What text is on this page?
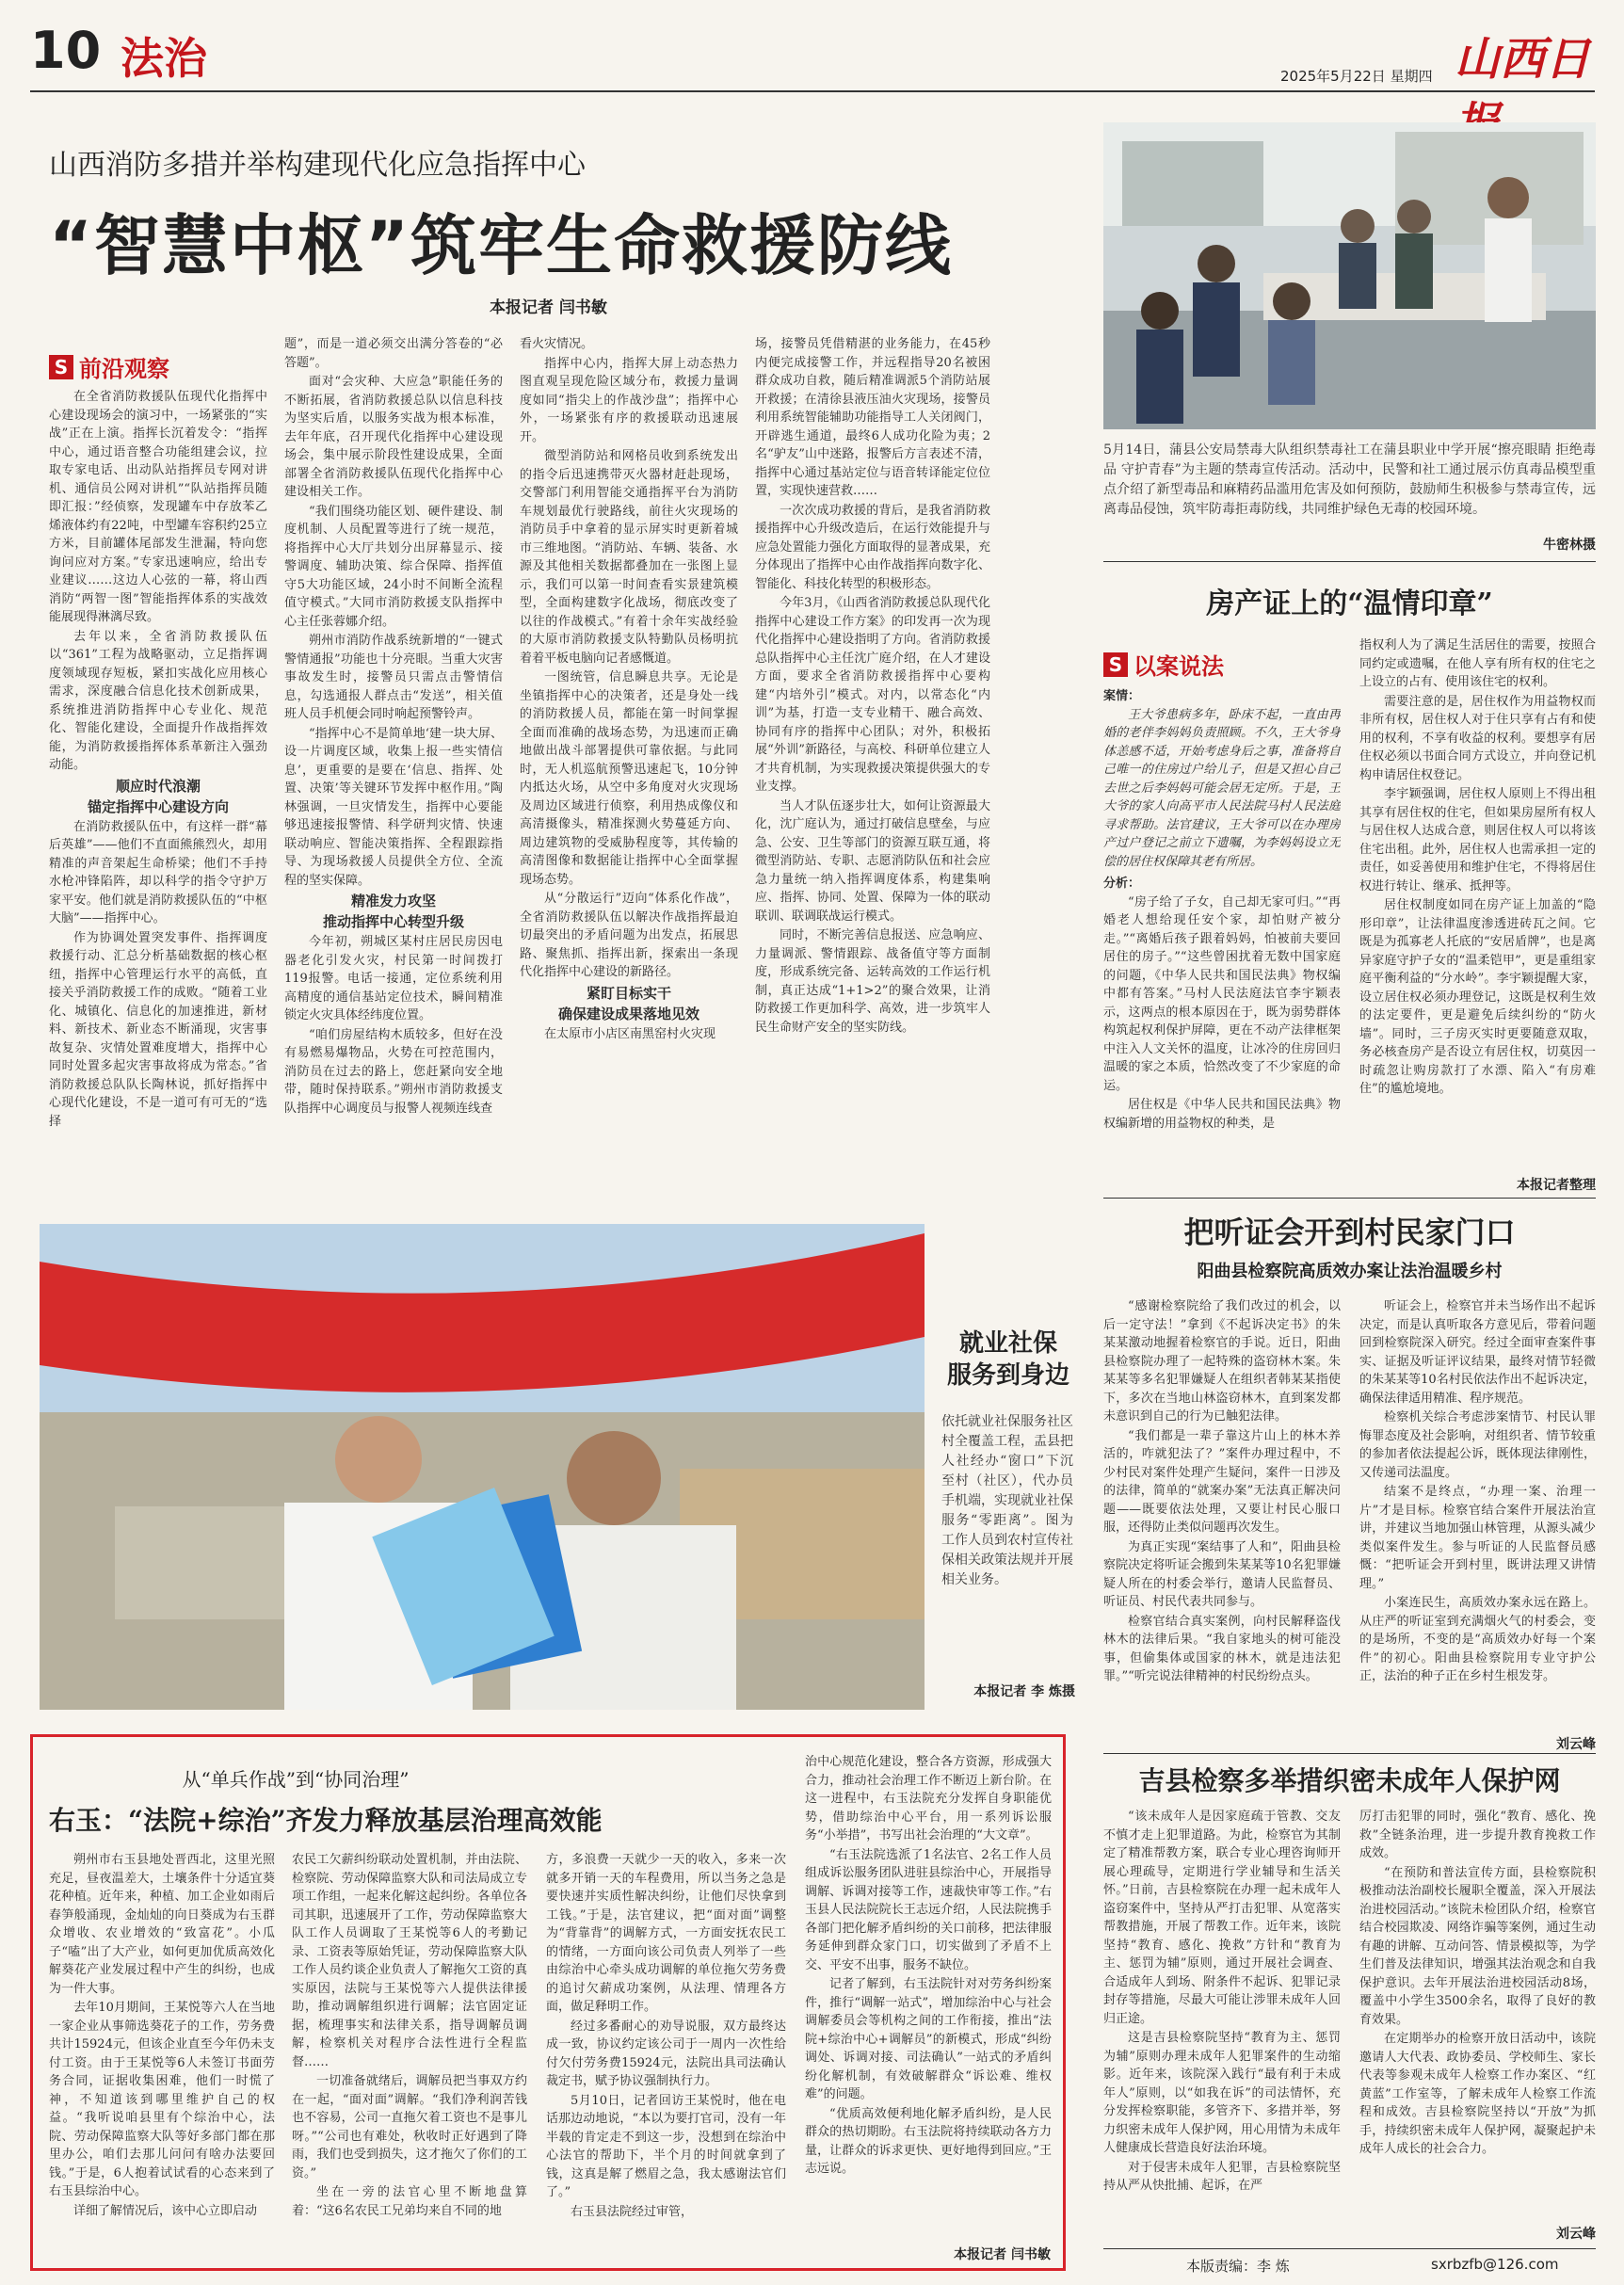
10 法治	2025年5月22日 星期四 山西日
山西消防多措并举构建现代化应急指挥中心
“智慧中枢”筑牢生命救援防线
本报记者 闫书敏
S 前沿观察

在全省消防救援队伍现代化指挥中心建设现场会的演习中，一场紧张的“实战”正在上演。指挥长沉着发令：“指挥中心，通过语音整合功能组建会议，拉取专家电话、出动队站指挥员专网对讲机、通信员公网对讲机”“队站指挥员随即汇报：”经侦察，发现罐车中存放苯乙烯液体约有22吨，中型罐车容积约25立方米，目前罐体尾部发生泄漏，特向您询问应对方案。”专家迅速响应，给出专业建议……这边人心弦的一幕，将山西消防“两智一图”智能指挥体系的实战效能展现得淋漓尽致。

去年以来，全省消防救援队伍以“361”工程为战略驱动，立足指挥调度领域现存短板，紧扣实战化应用核心需求，深度融合信息化技术创新成果，系统推进消防指挥中心专业化、规范化、智能化建设，全面提升作战指挥效能，为消防救援指挥体系革新注入强劲动能。

顺应时代浪潮
锚定指挥中心建设方向

在消防救援队伍中，有这样一群“幕后英雄”——他们不直面熊熊烈火，却用精准的声音架起生命桥梁；他们不手持水枪冲锋陷阵，却以科学的指令守护万家平安。他们就是消防救援队伍的“中枢大脑”——指挥中心。

作为协调处置突发事件、指挥调度救援行动、汇总分析基础数据的核心枢纽，指挥中心管理运行水平的高低，直接关乎消防救援工作的成败。“随着工业化、城镇化、信息化的加速推进，新材料、新技术、新业态不断涌现，灾害事故复杂、灾情处置难度增大，指挥中心同时处置多起灾害事故将成为常态。”省消防救援总队队长陶林说，抓好指挥中心现代化建设，不是一道可有可无的“选择

题”，而是一道必须交出满分答卷的“必答题”。

面对“会灾种、大应急”职能任务的不断拓展，省消防救援总队以信息科技为坚实后盾，以服务实战为根本标准，去年年底，召开现代化指挥中心建设现场会，集中展示阶段性建设成果，全面部署全省消防救援队伍现代化指挥中心建设相关工作。

“我们围绕功能区划、硬件建设、制度机制、人员配置等进行了统一规范，将指挥中心大厅共划分出屏幕显示、接警调度、辅助决策、综合保障、指挥值守5大功能区域，24小时不间断全流程值守模式。”大同市消防救援支队指挥中心主任张蓉娜介绍。

朔州市消防作战系统新增的“一键式警情通报”功能也十分亮眼。当重大灾害事故发生时，接警员只需点击警情信息，勾选通报人群点击“发送”，相关值班人员手机便会同时响起预警铃声。

“指挥中心不是简单地‘建一块大屏、设一片调度区域，收集上报一些实情信息’，更重要的是要在‘信息、指挥、处置、决策’等关键环节发挥中枢作用。”陶林强调，一旦灾情发生，指挥中心要能够迅速接报警情、科学研判灾情、快速联动响应、智能决策指挥、全程跟踪指导、为现场救援人员提供全方位、全流程的坚实保障。

精准发力攻坚
推动指挥中心转型升级

今年初，朔城区某村庄居民房因电器老化引发火灾，村民第一时间拨打119报警。电话一接通，定位系统利用高精度的通信基站定位技术，瞬间精准锁定火灾具体经纬度位置。

“咱们房屋结构木质较多，但好在没有易燃易爆物品，火势在可控范围内，消防员在过去的路上，您赶紧向安全地带，随时保持联系。”朔州市消防救援支队指挥中心调度员与报警人视频连线查

看火灾情况。

指挥中心内，指挥大屏上动态热力图直观呈现危险区域分布，救援力量调度如同“指尖上的作战沙盘”；指挥中心外，一场紧张有序的救援联动迅速展开。

微型消防站和网格员收到系统发出的指令后迅速携带灭火器材赶赴现场，交警部门利用智能交通指挥平台为消防车规划最优行驶路线，前往火灾现场的消防员手中拿着的显示屏实时更新着城市三维地图。“消防站、车辆、装备、水源及其他相关数据都叠加在一张图上显示，我们可以第一时间查看实景建筑模型，全面构建数字化战场，彻底改变了以往的作战模式。”有着十余年实战经验的大原市消防救援支队特勤队员杨明抗着着平板电脑向记者感慨道。

一图统管，信息瞬息共享。无论是坐镇指挥中心的决策者，还是身处一线的消防救援人员，都能在第一时间掌握全面而准确的战场态势，为迅速而正确地做出战斗部署提供可靠依据。与此同时，无人机巡航预警迅速起飞，10分钟内抵达火场，从空中多角度对火灾现场及周边区域进行侦察，利用热成像仪和高清摄像头，精准探测火势蔓延方向、周边建筑物的受威胁程度等，其传输的高清图像和数据能让指挥中心全面掌握现场态势。

从“分散运行”迈向“体系化作战”，全省消防救援队伍以解决作战指挥最迫切最突出的矛盾问题为出发点，拓展思路、聚焦抓、指挥出新，探索出一条现代化指挥中心建设的新路径。

紧盯目标实干
确保建设成果落地见效

在太原市小店区南黑窑村火灾现

场，接警员凭借精湛的业务能力，在45秒内便完成接警工作，并远程指导20名被困群众成功自救，随后精准调派5个消防站展开救援；在清徐县液压油火灾现场，接警员利用系统智能辅助功能指导工人关闭阀门，开辟逃生通道，最终6人成功化险为夷；2名“驴友”山中迷路，报警后方言表述不清，指挥中心通过基站定位与语音转译能定位位置，实现快速营救……

一次次成功救援的背后，是我省消防救援指挥中心升级改造后，在运行效能提升与应急处置能力强化方面取得的显著成果，充分体现出了指挥中心由作战指挥向数字化、智能化、科技化转型的积极形态。

今年3月，《山西省消防救援总队现代化指挥中心建设工作方案》的印发再一次为现代化指挥中心建设指明了方向。省消防救援总队指挥中心主任沈广庭介绍，在人才建设方面，要求全省消防救援指挥中心要构建“内培外引”模式。对内，以常态化“内训”为基，打造一支专业精干、融合高效、协同有序的指挥中心团队；对外，积极拓展“外训”新路径，与高校、科研单位建立人才共育机制，为实现救援决策提供强大的专业支撑。

当人才队伍逐步壮大，如何让资源最大化，沈广庭认为，通过打破信息壁垒，与应急、公安、卫生等部门的资源互联互通，将微型消防站、专职、志愿消防队伍和社会应急力量统一纳入指挥调度体系，构建集响应、指挥、协同、处置、保障为一体的联动联训、联调联战运行模式。

同时，不断完善信息报送、应急响应、力量调派、警情跟踪、战备值守等方面制度，形成系统完备、运转高效的工作运行机制，真正达成“1+1>2”的聚合效果，让消防救援工作更加科学、高效，进一步筑牢人民生命财产安全的坚实防线。

5月14日，蒲县公安局禁毒大队组织禁毒社工在蒲县职业中学开展“擦亮眼睛 拒绝毒品 守护青春”为主题的禁毒宣传活动。活动中，民警和社工通过展示仿真毒品模型重点介绍了新型毒品和麻精药品滥用危害及如何预防，鼓励师生积极参与禁毒宣传，远离毒品侵蚀，筑牢防毒拒毒防线，共同维护绿色无毒的校园环境。
牛密林摄
房产证上的“温情印章”
S 以案说法
案情：

王大爷患病多年，卧床不起，一直由再婚的老伴李妈妈负责照顾。不久，王大爷身体恙感不适，开始考虑身后之事，准备将自己唯一的住房过户给儿子，但是又担心自己去世之后李妈妈可能会居无定所。于是，王大爷的家人向高平市人民法院马村人民法庭寻求帮助。法官建议，王大爷可以在办理房产过户登记之前立下遗嘱，为李妈妈设立无偿的居住权保障其老有所居。

分析：

“房子给了子女，自己却无家可归。”“再婚老人想给现任安个家，却怕财产被分走。”“离婚后孩子跟着妈妈，怕被前夫要回居住的房子。”“这些曾困扰着无数中国家庭的问题，《中华人民共和国民法典》物权编中都有答案。”马村人民法庭法官李宇颖表示，这两点的根本原因在于，既为弱势群体构筑起权利保护屏障，更在不动产法律框架中注入人文关怀的温度，让冰冷的住房回归温暖的家之本质，恰然改变了不少家庭的命运。

居住权是《中华人民共和国民法典》物权编新增的用益物权的种类，是

指权利人为了满足生活居住的需要，按照合同约定或遗嘱，在他人享有所有权的住宅之上设立的占有、使用该住宅的权利。

需要注意的是，居住权作为用益物权而非所有权，居住权人对于住只享有占有和使用的权利，不享有收益的权利。要想享有居住权必须以书面合同方式设立，并向登记机构申请居住权登记。

李宇颖强调，居住权人原则上不得出租其享有居住权的住宅，但如果房屋所有权人与居住权人达成合意，则居住权人可以将该住宅出租。此外，居住权人也需承担一定的责任，如妥善使用和维护住宅，不得将居住权进行转让、继承、抵押等。

居住权制度如同在房产证上加盖的“隐形印章”，让法律温度渗透进砖瓦之间。它既是为孤寡老人托底的“安居盾牌”，也是离异家庭守护子女的“温柔铠甲”，更是重组家庭平衡利益的“分水岭”。李宇颖提醒大家，设立居住权必须办理登记，这既是权利生效的法定要件，更是避免后续纠纷的“防火墙”。同时，三子房灭实时更要随意双取，务必核查房产是否设立有居住权，切莫因一时疏忽让购房款打了水漂、陷入“有房难住”的尴尬境地。

本报记者整理
就业社保
服务到身边
依托就业社保服务社区村全覆盖工程，盂县把人社经办“窗口”下沉至村（社区），代办员手机端，实现就业社保服务“零距离”。图为工作人员到农村宣传社保相关政策法规并开展相关业务。
本报记者 李 炼摄
把听证会开到村民家门口
阳曲县检察院高质效办案让法治温暖乡村

“感谢检察院给了我们改过的机会，以后一定守法！”拿到《不起诉决定书》的朱某某激动地握着检察官的手说。近日，阳曲县检察院办理了一起特殊的盗窃林木案。朱某某等多名犯罪嫌疑人在组织者韩某某指使下，多次在当地山林盗窃林木，直到案发都未意识到自己的行为已触犯法律。

“我们都是一辈子靠这片山上的林木养活的，咋就犯法了？”案件办理过程中，不少村民对案件处理产生疑问，案件一日涉及的法律，简单的“就案办案”无法真正解决问题——既要依法处理，又要让村民心服口服，还得防止类似问题再次发生。

为真正实现“案结事了人和”，阳曲县检察院决定将听证会搬到朱某某等10名犯罪嫌疑人所在的村委会举行，邀请人民监督员、听证员、村民代表共同参与。

检察官结合真实案例，向村民解释盗伐林木的法律后果。“我自家地头的树可能没事，但偷集体或国家的林木，就是违法犯罪。”“听完说法律精神的村民纷纷点头。

听证会上，检察官并未当场作出不起诉决定，而是认真听取各方意见后，带着问题回到检察院深入研究。经过全面审查案件事实、证据及听证评议结果，最终对情节轻微的朱某某等10名村民依法作出不起诉决定，确保法律适用精准、程序规范。

检察机关综合考虑涉案情节、村民认罪悔罪态度及社会影响，对组织者、情节较重的参加者依法提起公诉，既体现法律刚性，又传递司法温度。

结案不是终点，“办理一案、治理一片”才是目标。检察官结合案件开展法治宣讲，并建议当地加强山林管理，从源头减少类似案件发生。参与听证的人民监督员感慨：“把听证会开到村里，既讲法理又讲情理。”

小案连民生，高质效办案永远在路上。从庄严的听证室到充满烟火气的村委会，变的是场所，不变的是“高质效办好每一个案件”的初心。阳曲县检察院用专业守护公正，法治的种子正在乡村生根发芽。

刘云峰
从“单兵作战”到“协同治理”
右玉：“法院+综治”齐发力释放基层治理高效能

朔州市右玉县地处晋西北，这里光照充足，昼夜温差大，土壤条件十分适宜葵花种植。近年来，种植、加工企业如雨后春笋般涌现，金灿灿的向日葵成为右玉群众增收、农业增效的“致富花”。小瓜子“嗑”出了大产业，如何更加优质高效化解葵花产业发展过程中产生的纠纷，也成为一件大事。

去年10月期间，王某悦等六人在当地一家企业从事筛选葵花子的工作，劳务费共计15924元，但该企业直至今年仍未支付工资。由于王某悦等6人未签订书面劳务合同，证据收集困难，他们一时慌了神，不知道该到哪里维护自己的权益。“我听说咱县里有个综治中心，法院、劳动保障监察大队等好多部门都在那里办公，咱们去那儿问问有啥办法要回钱。”于是，6人抱着试试看的心态来到了右玉县综治中心。

详细了解情况后，该中心立即启动

农民工欠薪纠纷联动处置机制，并由法院、检察院、劳动保障监察大队和司法局成立专项工作组，一起来化解这起纠纷。各单位各司其职，迅速展开了工作，劳动保障监察大队工作人员调取了王某悦等6人的考勤记录、工资表等原始凭证，劳动保障监察大队工作人员约谈企业负责人了解拖欠工资的真实原因，法院与王某悦等六人提供法律援助，推动调解组织进行调解；法官固定证据，梳理事实和法律关系，指导调解员调解，检察机关对程序合法性进行全程监督……

一切准备就绪后，调解员把当事双方约在一起，“面对面”调解。“我们净利润苦钱也不容易，公司一直拖欠着工资也不是事儿呀。”“公司也有难处，秋收时正好遇到了降雨，我们也受到损失，这才拖欠了你们的工资。”

坐在一旁的法官心里不断地盘算着：“这6名农民工兄弟均来自不同的地

方，多浪费一天就少一天的收入，多来一次就多开销一天的车程费用，所以当务之急是要快速并实质性解决纠纷，让他们尽快拿到工钱。”于是，法官建议，把“面对面”调整为“背靠背”的调解方式，一方面安抚农民工的情绪，一方面向该公司负责人列举了一些由综治中心牵头成功调解的单位拖欠劳务费的追讨欠薪成功案例，从法理、情理各方面，做足释明工作。

经过多番耐心的劝导说服，双方最终达成一致，协议约定该公司于一周内一次性给付欠付劳务费15924元，法院出具司法确认裁定书，赋予协议强制执行力。

5月10日，记者回访王某悦时，他在电话那边动地说，“本以为要打官司，没有一年半载的肯定走不到这一步，没想到在综治中心法官的帮助下，半个月的时间就拿到了钱，这真是解了燃眉之急，我太感谢法官们了。”

右玉县法院经过审管，

治中心规范化建设，整合各方资源，形成强大合力，推动社会治理工作不断迈上新台阶。在这一进程中，右玉法院充分发挥自身职能优势，借助综治中心平台，用一系列诉讼服务“小举措”，书写出社会治理的“大文章”。

“右玉法院选派了1名法官、2名工作人员组成诉讼服务团队进驻县综治中心，开展指导调解、诉调对接等工作，速裁快审等工作。”右玉县人民法院院长王志远介绍，人民法院携手各部门把化解矛盾纠纷的关口前移，把法律服务延伸到群众家门口，切实做到了矛盾不上交、平安不出事，服务不缺位。

记者了解到，右玉法院针对对劳务纠纷案件，推行“调解一站式”，增加综治中心与社会调解委员会等机构之间的工作衔接，推出“法院+综治中心+调解员”的新模式，形成“纠纷调处、诉调对接、司法确认”一站式的矛盾纠纷化解机制，有效破解群众“诉讼难、维权难”的问题。

“优质高效便利地化解矛盾纠纷，是人民群众的热切期盼。右玉法院将持续联动各方力量，让群众的诉求更快、更好地得到回应。”王志远说。

本报记者 闫书敏
吉县检察多举措织密未成年人保护网

“该未成年人是因家庭疏于管教、交友不慎才走上犯罪道路。为此，检察官为其制定了精准帮教方案，联合专业心理咨询师开展心理疏导，定期进行学业辅导和生活关怀。”日前，吉县检察院在办理一起未成年人盗窃案件中，坚持从严打击犯罪、从宽落实帮教措施，开展了帮教工作。近年来，该院坚持“教育、感化、挽救”方针和“教育为主、惩罚为辅”原则，通过开展社会调查、合适成年人到场、附条件不起诉、犯罪记录封存等措施，尽最大可能让涉罪未成年人回归正途。

这是吉县检察院坚持“教育为主、惩罚为辅”原则办理未成年人犯罪案件的生动缩影。近年来，该院深入践行“最有利于未成年人”原则，以“如我在诉”的司法情怀，充分发挥检察职能，多管齐下、多措并举，努力织密未成年人保护网，用心用情为未成年人健康成长营造良好法治环境。

对于侵害未成年人犯罪，吉县检察院坚持从严从快批捕、起诉，在严

厉打击犯罪的同时，强化“教育、感化、挽救”全链条治理，进一步提升教育挽救工作成效。

“在预防和普法宣传方面，县检察院积极推动法治副校长履职全覆盖，深入开展法治进校园活动。”该院未检团队介绍，检察官结合校园欺凌、网络诈骗等案例，通过生动有趣的讲解、互动问答、情景模拟等，为学生们普及法律知识，增强其法治观念和自我保护意识。去年开展法治进校园活动8场，覆盖中小学生3500余名，取得了良好的教育效果。

在定期举办的检察开放日活动中，该院邀请人大代表、政协委员、学校师生、家长代表等参观未成年人检察工作办案区、“红黄蓝”工作室等，了解未成年人检察工作流程和成效。吉县检察院坚持以“开放”为抓手，持续织密未成年人保护网，凝聚起护未成年人成长的社会合力。

刘云峰
本版责编：李 炼	sxrbzfb@126.com
